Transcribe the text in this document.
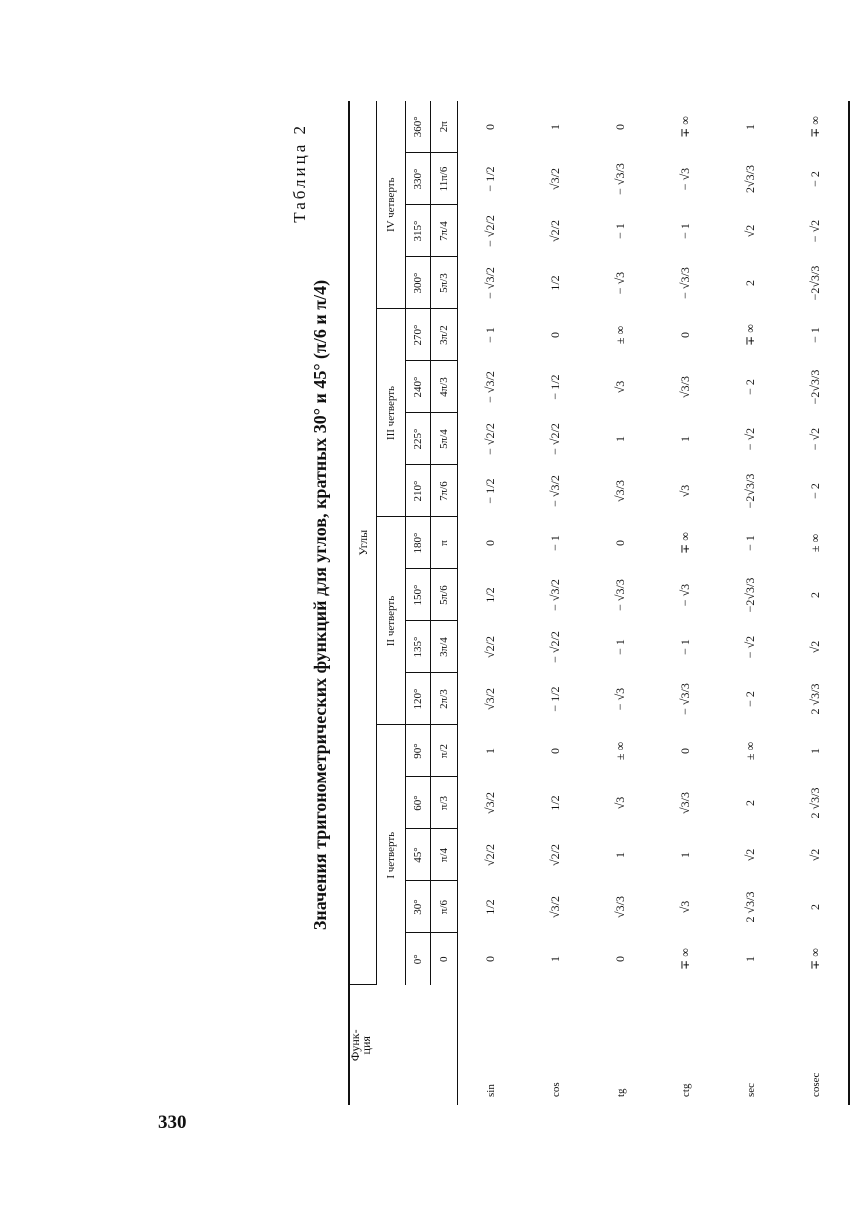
330
Таблица 2
Значения тригонометрических функций для углов, кратных 30° и 45° (π/6 и π/4)
Функ-
ция	Углы																
	I четверть					II четверть				III четверть				IV четверть			
	0°	30°	45°	60°	90°	120°	135°	150°	180°	210°	225°	240°	270°	300°	315°	330°	360°
	0	π/6	π/4	π/3	π/2	2π/3	3π/4	5π/6	π	7π/6	5π/4	4π/3	3π/2	5π/3	7π/4	11π/6	2π
sin	0	1/2	√2/2	√3/2	1	√3/2	√2/2	1/2	0	− 1/2	− √2/2	− √3/2	− 1	− √3/2	− √2/2	− 1/2	0
cos	1	√3/2	√2/2	1/2	0	− 1/2	− √2/2	− √3/2	− 1	− √3/2	− √2/2	− 1/2	0	1/2	√2/2	√3/2	1
tg	0	√3/3	1	√3	± ∞	− √3	− 1	− √3/3	0	√3/3	1	√3	± ∞	− √3	− 1	− √3/3	0
ctg	∓ ∞	√3	1	√3/3	0	− √3/3	− 1	− √3	∓ ∞	√3	1	√3/3	0	− √3/3	− 1	− √3	∓ ∞
sec	1	2 √3/3	√2	2	± ∞	− 2	− √2	−2√3/3	− 1	−2√3/3	− √2	− 2	∓ ∞	2	√2	2√3/3	1
cosec	∓ ∞	2	√2	2 √3/3	1	2 √3/3	√2	2	± ∞	− 2	− √2	−2√3/3	− 1	−2√3/3	− √2	− 2	∓ ∞
